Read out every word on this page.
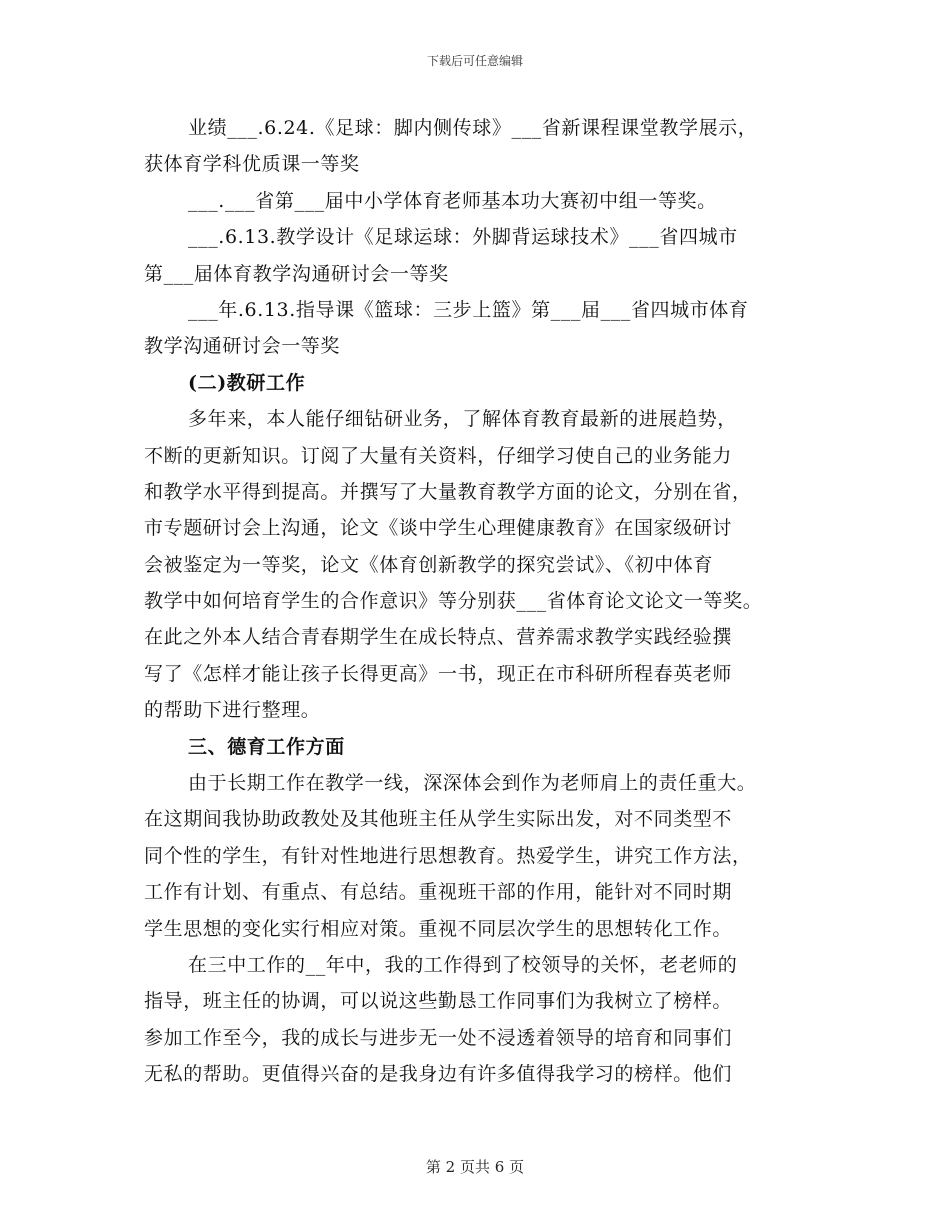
下载后可任意编辑
业绩___.6.24.《足球：脚内侧传球》___省新课程课堂教学展示，
获体育学科优质课一等奖
___.___省第___届中小学体育老师基本功大赛初中组一等奖。
___.6.13.教学设计《足球运球：外脚背运球技术》___省四城市
第___届体育教学沟通研讨会一等奖
___年.6.13.指导课《篮球：三步上篮》第___届___省四城市体育
教学沟通研讨会一等奖
(二)教研工作
多年来，本人能仔细钻研业务，了解体育教育最新的进展趋势，
不断的更新知识。订阅了大量有关资料，仔细学习使自己的业务能力
和教学水平得到提高。并撰写了大量教育教学方面的论文，分别在省，
市专题研讨会上沟通，论文《谈中学生心理健康教育》在国家级研讨
会被鉴定为一等奖，论文《体育创新教学的探究尝试》、《初中体育
教学中如何培育学生的合作意识》等分别获___省体育论文论文一等奖。
在此之外本人结合青春期学生在成长特点、营养需求教学实践经验撰
写了《怎样才能让孩子长得更高》一书，现正在市科研所程春英老师
的帮助下进行整理。
三、德育工作方面
由于长期工作在教学一线，深深体会到作为老师肩上的责任重大。
在这期间我协助政教处及其他班主任从学生实际出发，对不同类型不
同个性的学生，有针对性地进行思想教育。热爱学生，讲究工作方法，
工作有计划、有重点、有总结。重视班干部的作用，能针对不同时期
学生思想的变化实行相应对策。重视不同层次学生的思想转化工作。
在三中工作的__年中，我的工作得到了校领导的关怀，老老师的
指导，班主任的协调，可以说这些勤恳工作同事们为我树立了榜样。
参加工作至今，我的成长与进步无一处不浸透着领导的培育和同事们
无私的帮助。更值得兴奋的是我身边有许多值得我学习的榜样。他们
第 2 页共 6 页
